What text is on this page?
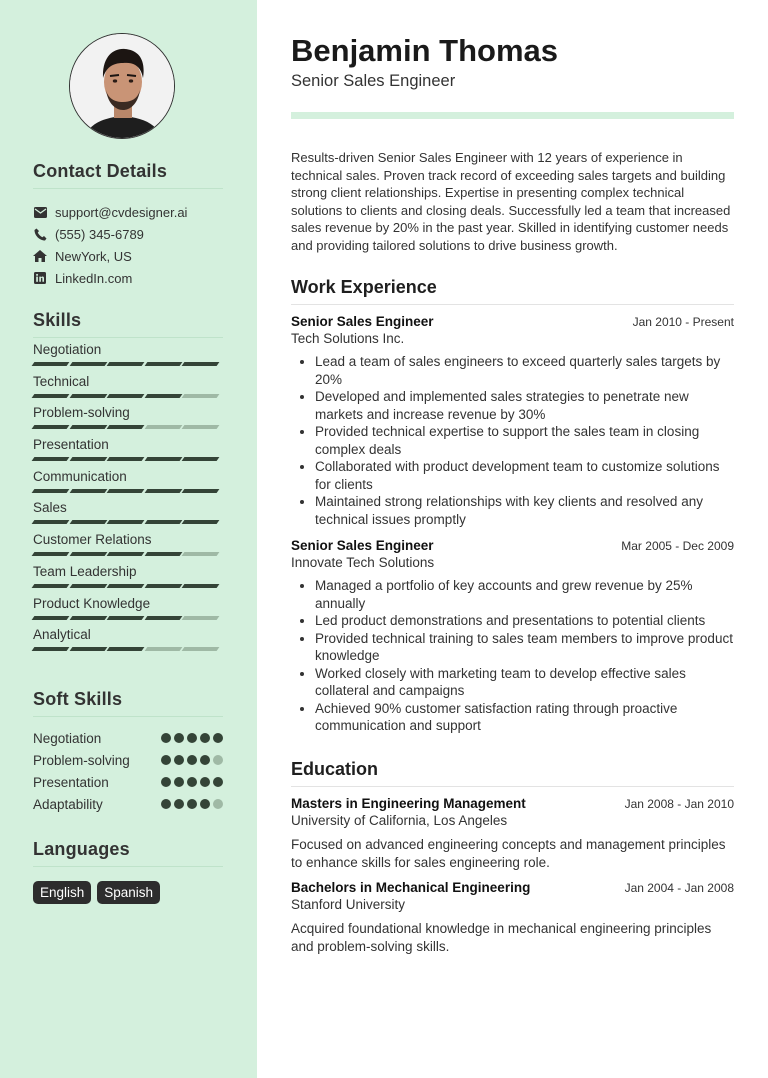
Contact Details
support@cvdesigner.ai
(555) 345-6789
NewYork, US
LinkedIn.com
Skills
Negotiation
Technical
Problem-solving
Presentation
Communication
Sales
Customer Relations
Team Leadership
Product Knowledge
Analytical
Soft Skills
Negotiation
Problem-solving
Presentation
Adaptability
Languages
English	Spanish
Benjamin Thomas
Senior Sales Engineer

Results-driven Senior Sales Engineer with 12 years of experience in technical sales. Proven track record of exceeding sales targets and building strong client relationships. Expertise in presenting complex technical solutions to clients and closing deals. Successfully led a team that increased sales revenue by 20% in the past year. Skilled in identifying customer needs and providing tailored solutions to drive business growth.

Work Experience
Senior Sales Engineer	Jan 2010 - Present
Tech Solutions Inc.
• Lead a team of sales engineers to exceed quarterly sales targets by 20%
• Developed and implemented sales strategies to penetrate new markets and increase revenue by 30%
• Provided technical expertise to support the sales team in closing complex deals
• Collaborated with product development team to customize solutions for clients
• Maintained strong relationships with key clients and resolved any technical issues promptly
Senior Sales Engineer	Mar 2005 - Dec 2009
Innovate Tech Solutions
• Managed a portfolio of key accounts and grew revenue by 25% annually
• Led product demonstrations and presentations to potential clients
• Provided technical training to sales team members to improve product knowledge
• Worked closely with marketing team to develop effective sales collateral and campaigns
• Achieved 90% customer satisfaction rating through proactive communication and support
Education
Masters in Engineering Management	Jan 2008 - Jan 2010
University of California, Los Angeles

Focused on advanced engineering concepts and management principles to enhance skills for sales engineering role.

Bachelors in Mechanical Engineering	Jan 2004 - Jan 2008
Stanford University

Acquired foundational knowledge in mechanical engineering principles and problem-solving skills.
